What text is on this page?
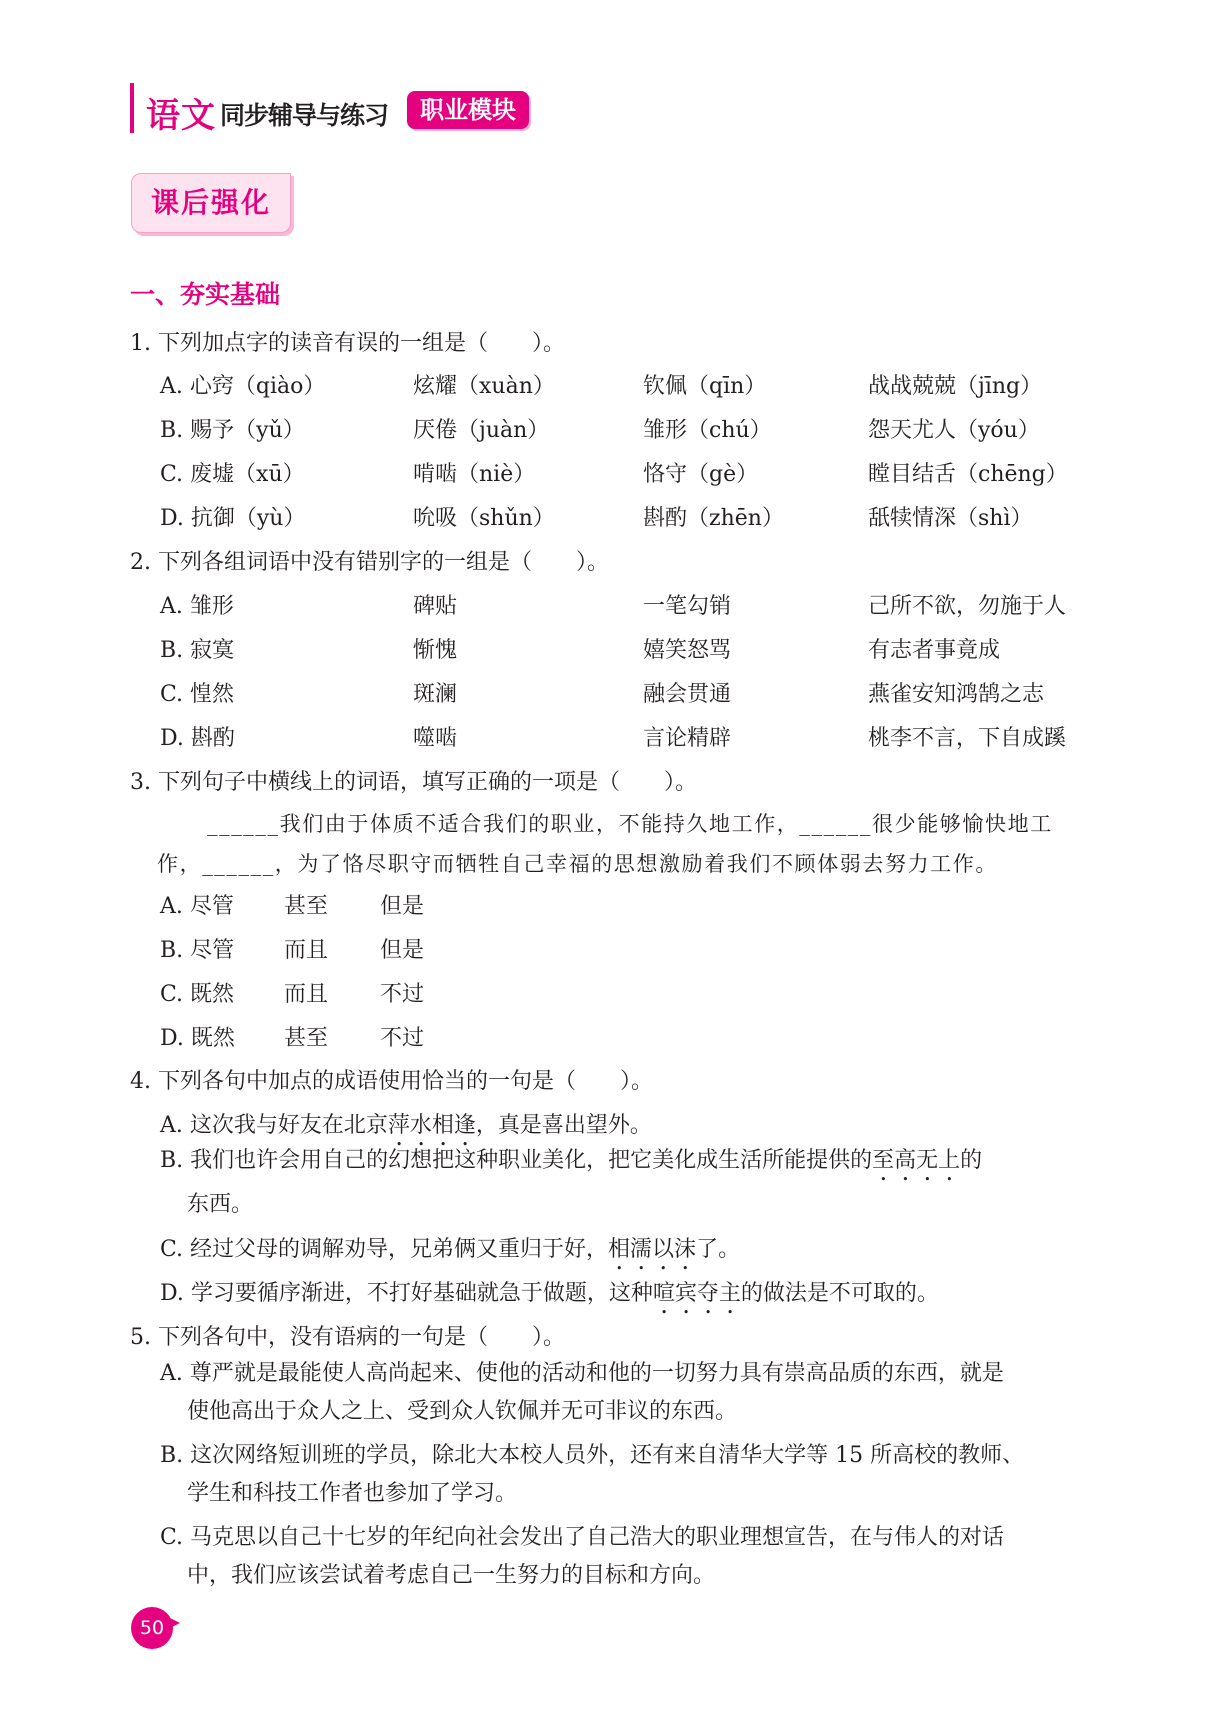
语文 同步辅导与练习	职业模块
课后强化
一、夯实基础
1. 下列加点字的读音有误的一组是（　　）。
A. 心窍（qiào）	炫耀（xuàn）	钦佩（qīn）	战战兢兢（jīng）
B. 赐予（yǔ）	厌倦（juàn）	雏形（chú）	怨天尤人（yóu）
C. 废墟（xū）	啃啮（niè）	恪守（gè）	瞠目结舌（chēng）
D. 抗御（yù）	吮吸（shǔn）	斟酌（zhēn）	舐犊情深（shì）
2. 下列各组词语中没有错别字的一组是（　　）。
A. 雏形	碑贴	一笔勾销	己所不欲，勿施于人
B. 寂寞	惭愧	嬉笑怒骂	有志者事竟成
C. 惶然	斑澜	融会贯通	燕雀安知鸿鹄之志
D. 斟酌	噬啮	言论精辟	桃李不言，下自成蹊
3. 下列句子中横线上的词语，填写正确的一项是（　　）。
______我们由于体质不适合我们的职业，不能持久地工作，______很少能够愉快地工
作，______，为了恪尽职守而牺牲自己幸福的思想激励着我们不顾体弱去努力工作。
A. 尽管 甚至 但是
B. 尽管 而且 但是
C. 既然 而且 不过
D. 既然 甚至 不过
4. 下列各句中加点的成语使用恰当的一句是（　　）。
A. 这次我与好友在北京萍水相逢，真是喜出望外。
B. 我们也许会用自己的幻想把这种职业美化，把它美化成生活所能提供的至高无上的
东西。
C. 经过父母的调解劝导，兄弟俩又重归于好，相濡以沫了。
D. 学习要循序渐进，不打好基础就急于做题，这种喧宾夺主的做法是不可取的。
5. 下列各句中，没有语病的一句是（　　）。
A. 尊严就是最能使人高尚起来、使他的活动和他的一切努力具有崇高品质的东西，就是
使他高出于众人之上、受到众人钦佩并无可非议的东西。
B. 这次网络短训班的学员，除北大本校人员外，还有来自清华大学等 15 所高校的教师、
学生和科技工作者也参加了学习。
C. 马克思以自己十七岁的年纪向社会发出了自己浩大的职业理想宣告，在与伟人的对话
中，我们应该尝试着考虑自己一生努力的目标和方向。
50
